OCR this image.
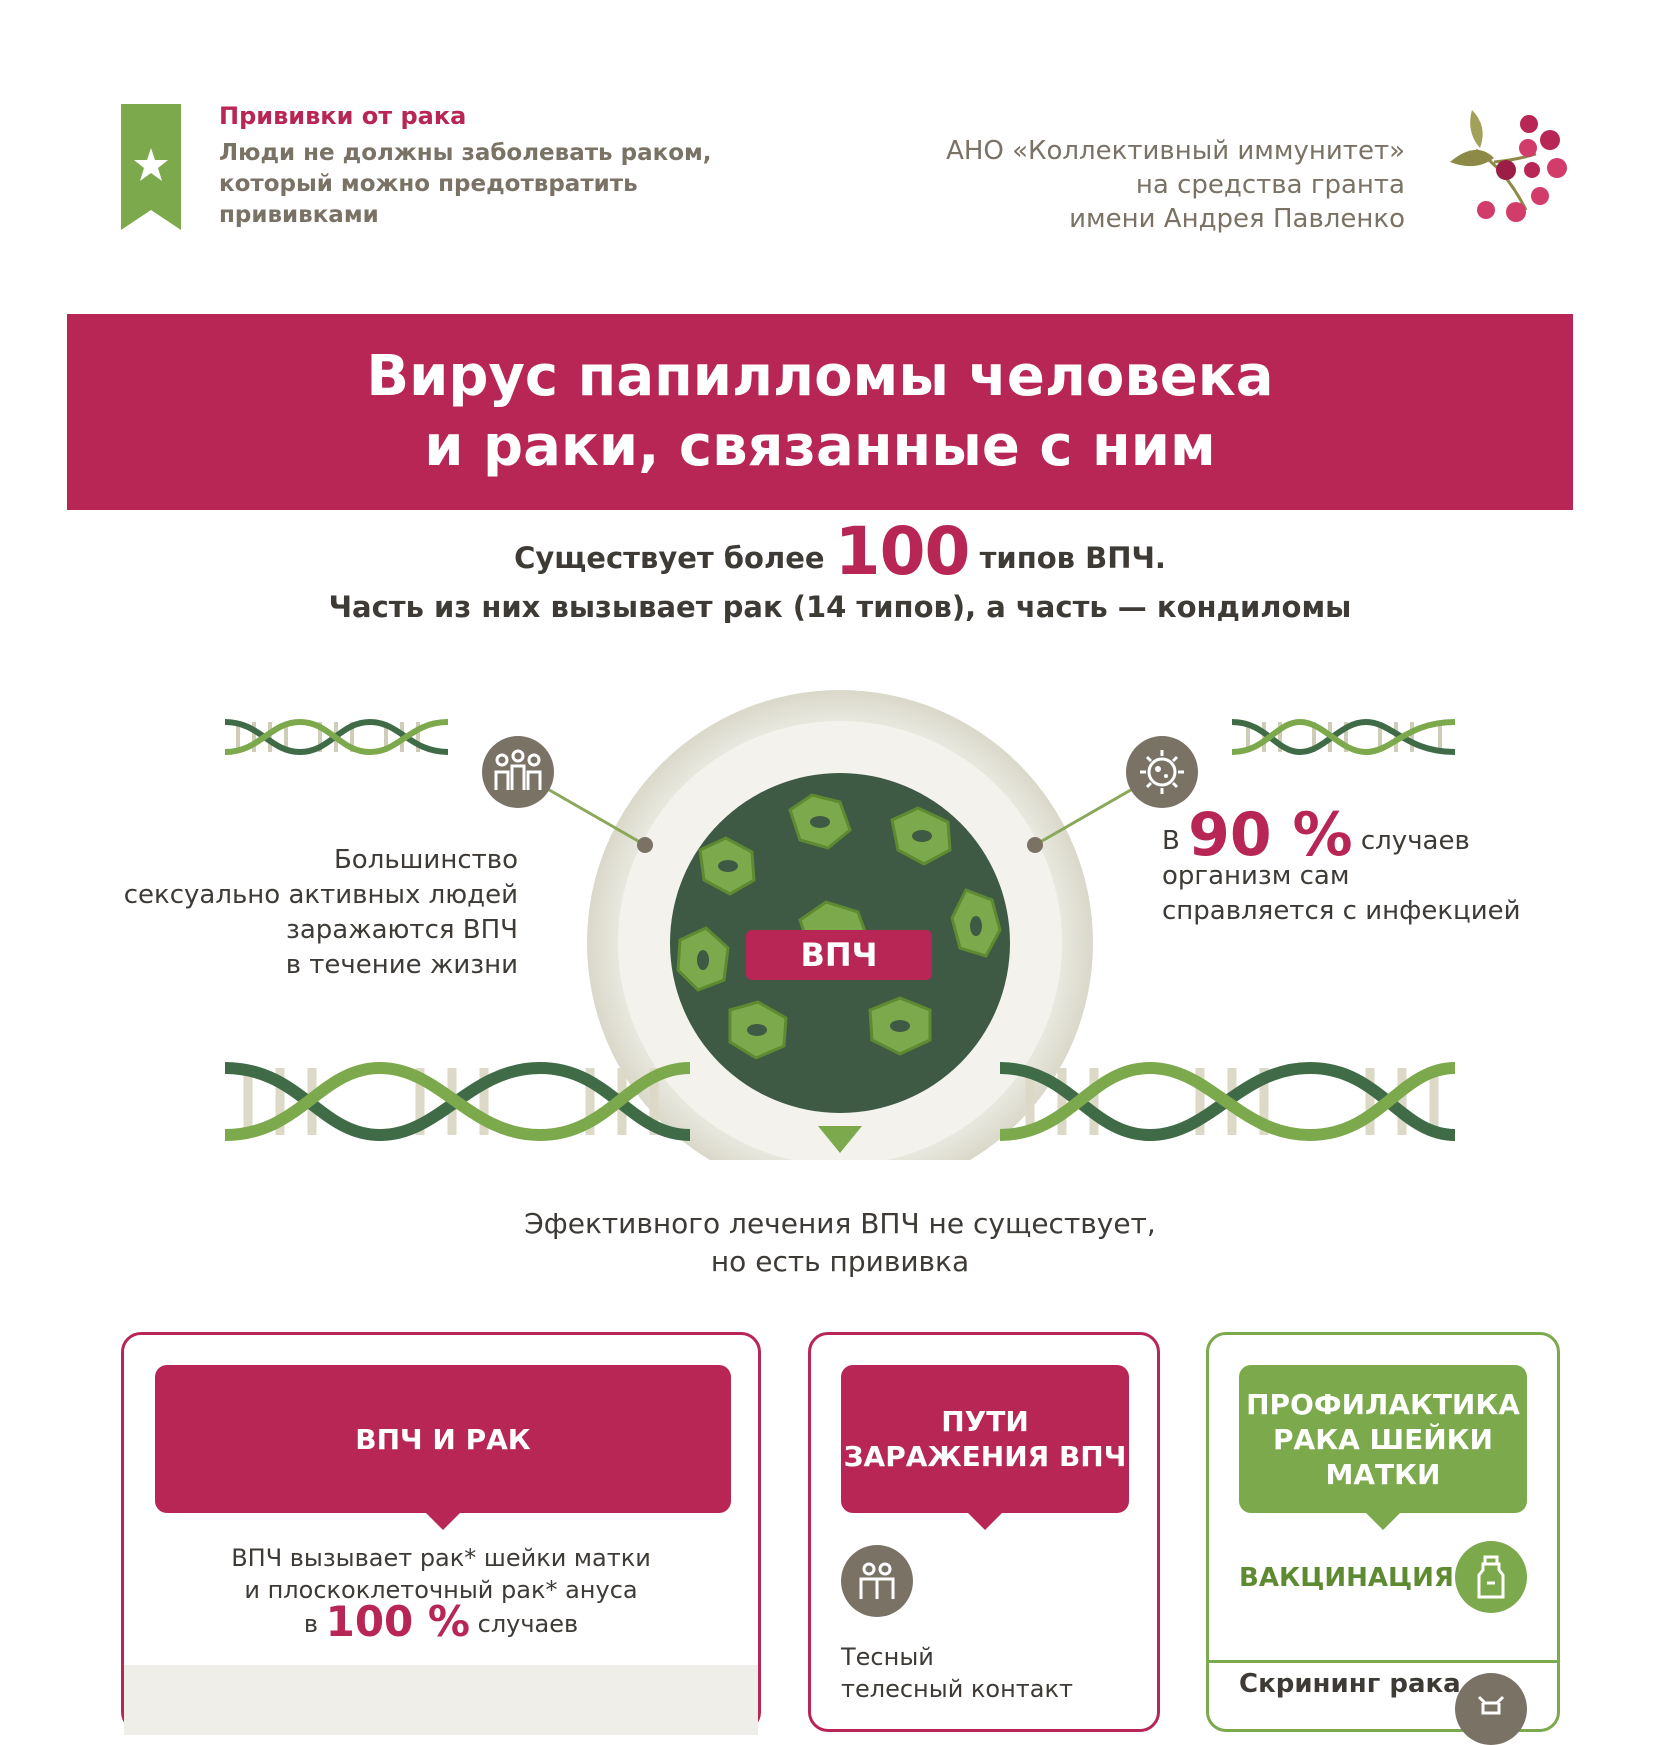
Прививки от рака
Люди не должны заболевать раком, который можно предотвратить прививками
АНО «Коллективный иммунитет»
на средства гранта
имени Андрея Павленко
Вирус папилломы человека
и раки, связанные с ним
Существует более 100 типов ВПЧ.
Часть из них вызывает рак (14 типов), а часть — кондиломы
ВПЧ
Большинство
сексуально активных людей
заражаются ВПЧ
в течение жизни
В 90 % случаев
организм сам
справляется с инфекцией
Эфективного лечения ВПЧ не существует,
но есть прививка
ВПЧ И РАК
ВПЧ вызывает рак* шейки матки
и плоскоклеточный рак* ануса
в 100 % случаев
ПУТИ ЗАРАЖЕНИЯ ВПЧ
Тесный
телесный контакт
ПРОФИЛАКТИКА РАКА ШЕЙКИ МАТКИ
ВАКЦИНАЦИЯ
Скрининг рака
